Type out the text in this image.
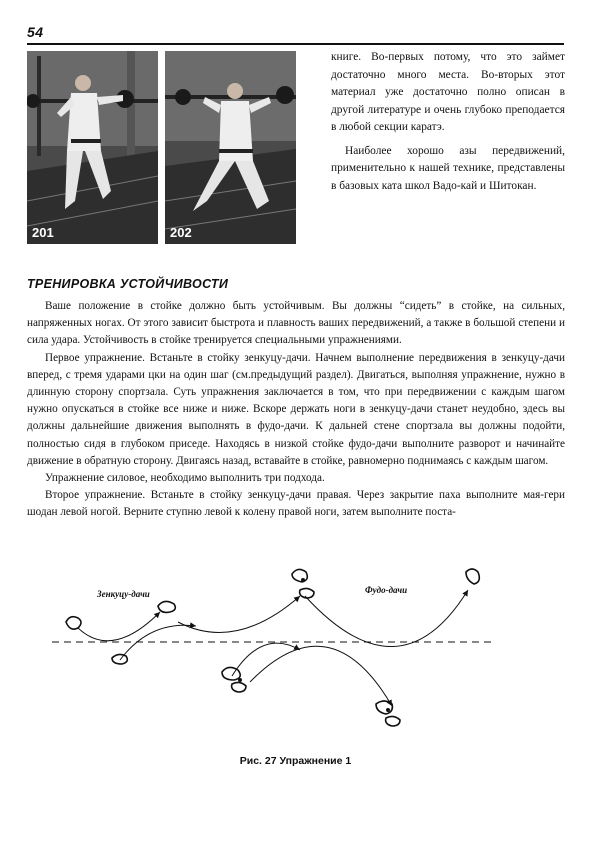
54
201	202

книге. Во-первых потому, что это займет достаточно много места. Во-вторых этот материал уже достаточно полно описан в другой литературе и очень глубоко преподается в любой секции каратэ.

Наиболее хорошо азы передвижений, применительно к нашей технике, представлены в базовых ката школ Вадо-кай и Шитокан.

ТРЕНИРОВКА УСТОЙЧИВОСТИ

Ваше положение в стойке должно быть устойчивым. Вы должны “сидеть” в стойке, на сильных, напряженных ногах. От этого зависит быстрота и плавность ваших передвижений, а также в большой степени и сила удара. Устойчивость в стойке тренируется специальными упражнениями.

Первое упражнение. Встаньте в стойку зенкуцу-дачи. Начнем выполнение передвижения в зенкуцу-дачи вперед, с тремя ударами цки на один шаг (см.предыдущий раздел). Двигаться, выполняя упражнение, нужно в длинную сторону спортзала. Суть упражнения заключается в том, что при передвижении с каждым шагом нужно опускаться в стойке все ниже и ниже. Вскоре держать ноги в зенкуцу-дачи станет неудобно, здесь вы должны дальнейшие движения выполнять в фудо-дачи. К дальней стене спортзала вы должны подойти, полностью сидя в глубоком приседе. Находясь в низкой стойке фудо-дачи выполните разворот и начинайте движение в обратную сторону. Двигаясь назад, вставайте в стойке, равномерно поднимаясь с каждым шагом.

Упражнение силовое, необходимо выполнить три подхода.

Второе упражнение. Встаньте в стойку зенкуцу-дачи правая. Через закрытие паха выполните мая-гери шодан левой ногой. Верните ступню левой к колену правой ноги, затем выполните поста-

Зенкуцу-дачи	Фудо-дачи
Рис. 27 Упражнение 1
